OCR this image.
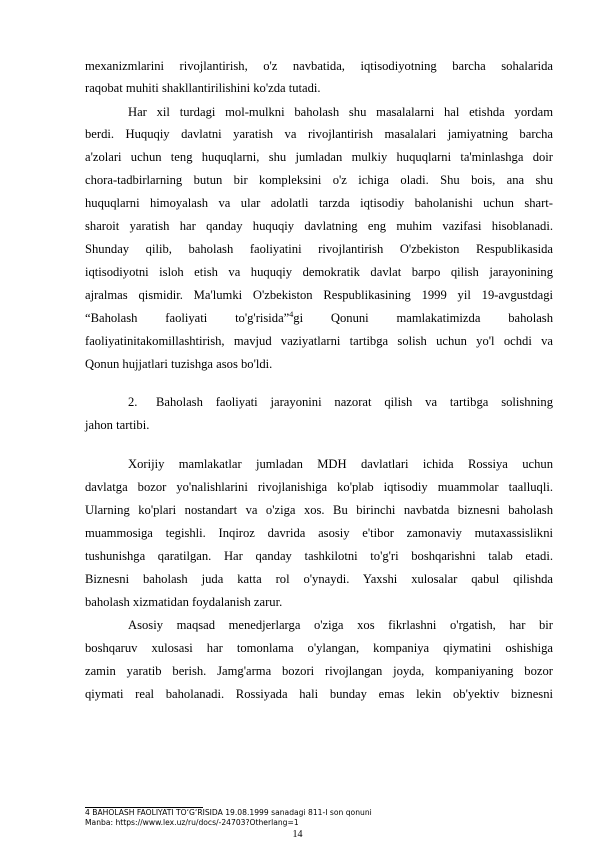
mexanizmlarini rivojlantirish, o'z navbatida, iqtisodiyotning barcha sohalarida
raqobat muhiti shakllantirilishini ko'zda tutadi.
Har xil turdagi mol-mulkni baholash shu masalalarni hal etishda yordam
berdi. Huquqiy davlatni yaratish va rivojlantirish masalalari jamiyatning barcha
a'zolari uchun teng huquqlarni, shu jumladan mulkiy huquqlarni ta'minlashga doir
chora-tadbirlarning butun bir kompleksini o'z ichiga oladi. Shu bois, ana shu
huquqlarni himoyalash va ular adolatli tarzda iqtisodiy baholanishi uchun shart-
sharoit yaratish har qanday huquqiy davlatning eng muhim vazifasi hisoblanadi.
Shunday qilib, baholash faoliyatini rivojlantirish O'zbekiston Respublikasida
iqtisodiyotni isloh etish va huquqiy demokratik davlat barpo qilish jarayonining
ajralmas qismidir. Ma'lumki O'zbekiston Respublikasining 1999 yil 19-avgustdagi
“Baholash faoliyati to'g'risida”$^4$gi Qonuni mamlakatimizda baholash
faoliyatinitakomillashtirish, mavjud vaziyatlarni tartibga solish uchun yo'l ochdi va
Qonun hujjatlari tuzishga asos bo'ldi.
2.	Baholash faoliyati jarayonini nazorat qilish va tartibga solishning
jahon tartibi.
Xorijiy mamlakatlar jumladan MDH davlatlari ichida Rossiya uchun
davlatga bozor yo'nalishlarini rivojlanishiga ko'plab iqtisodiy muammolar taalluqli.
Ularning ko'plari nostandart va o'ziga xos. Bu birinchi navbatda biznesni baholash
muammosiga tegishli. Inqiroz davrida asosiy e'tibor zamonaviy mutaxassislikni
tushunishga qaratilgan. Har qanday tashkilotni to'g'ri boshqarishni talab etadi.
Biznesni baholash juda katta rol o'ynaydi. Yaxshi xulosalar qabul qilishda
baholash xizmatidan foydalanish zarur.
Asosiy maqsad menedjerlarga o'ziga xos fikrlashni o'rgatish, har bir
boshqaruv xulosasi har tomonlama o'ylangan, kompaniya qiymatini oshishiga
zamin yaratib berish. Jamg'arma bozori rivojlangan joyda, kompaniyaning bozor
qiymati real baholanadi. Rossiyada hali bunday emas lekin ob'yektiv biznesni
4 BAHOLASH FAOLIYATI TO‘G‘RISIDA 19.08.1999 sanadagi 811-I son qonuni
Manba: https://www.lex.uz/ru/docs/-24703?Otherlang=1
14
